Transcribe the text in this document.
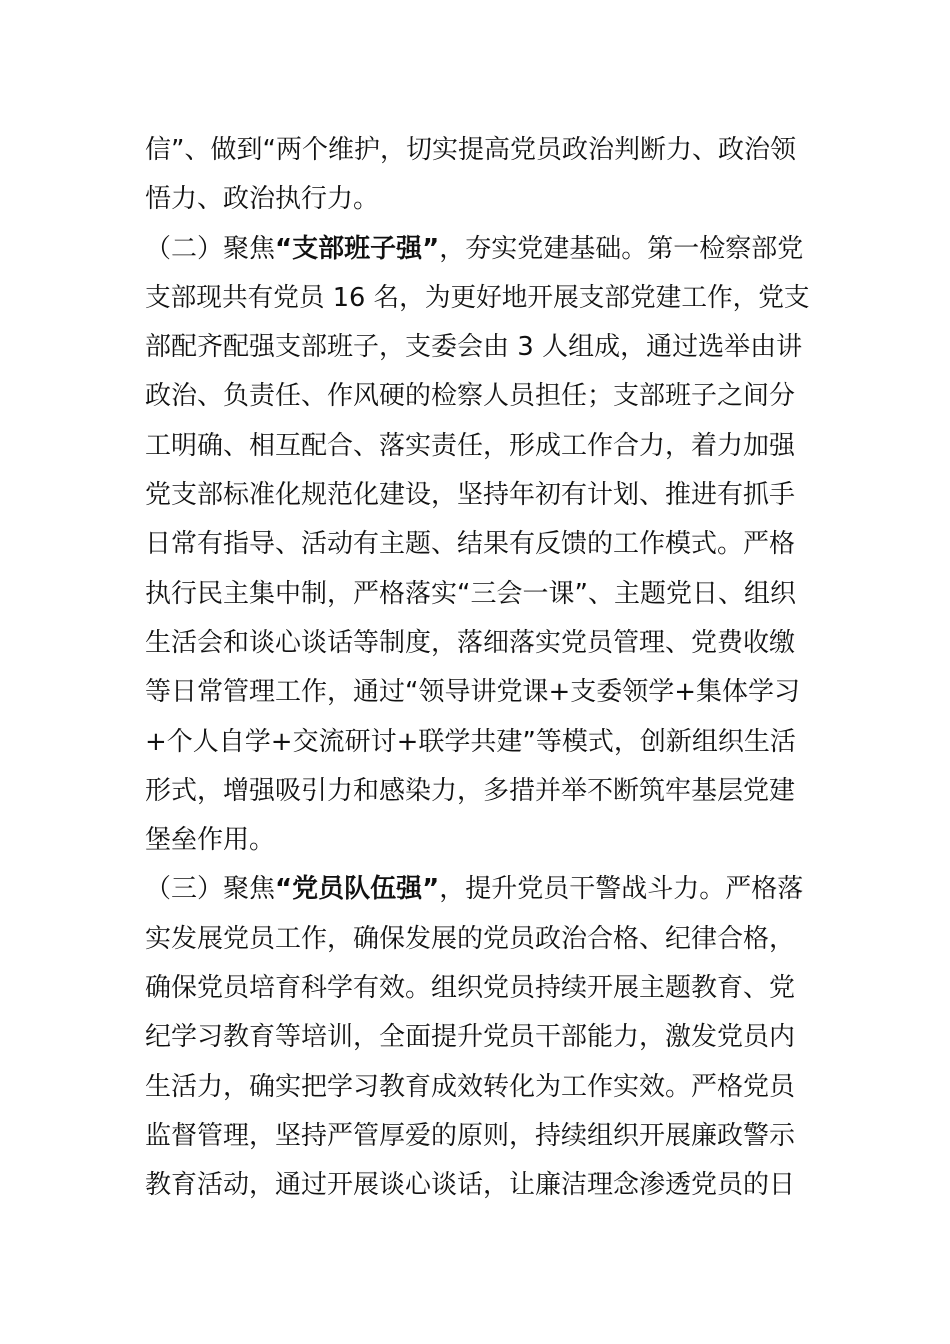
信”、做到“两个维护，切实提高党员政治判断力、政治领
悟力、政治执行力。
（二）聚焦“支部班子强”，夯实党建基础。第一检察部党
支部现共有党员 16 名，为更好地开展支部党建工作，党支
部配齐配强支部班子，支委会由 3 人组成，通过选举由讲
政治、负责任、作风硬的检察人员担任；支部班子之间分
工明确、相互配合、落实责任，形成工作合力，着力加强
党支部标准化规范化建设，坚持年初有计划、推进有抓手
日常有指导、活动有主题、结果有反馈的工作模式。严格
执行民主集中制，严格落实“三会一课”、主题党日、组织
生活会和谈心谈话等制度，落细落实党员管理、党费收缴
等日常管理工作，通过“领导讲党课+支委领学+集体学习
+个人自学+交流研讨+联学共建”等模式，创新组织生活
形式，增强吸引力和感染力，多措并举不断筑牢基层党建
堡垒作用。
（三）聚焦“党员队伍强”，提升党员干警战斗力。严格落
实发展党员工作，确保发展的党员政治合格、纪律合格，
确保党员培育科学有效。组织党员持续开展主题教育、党
纪学习教育等培训，全面提升党员干部能力，激发党员内
生活力，确实把学习教育成效转化为工作实效。严格党员
监督管理，坚持严管厚爱的原则，持续组织开展廉政警示
教育活动，通过开展谈心谈话，让廉洁理念渗透党员的日
